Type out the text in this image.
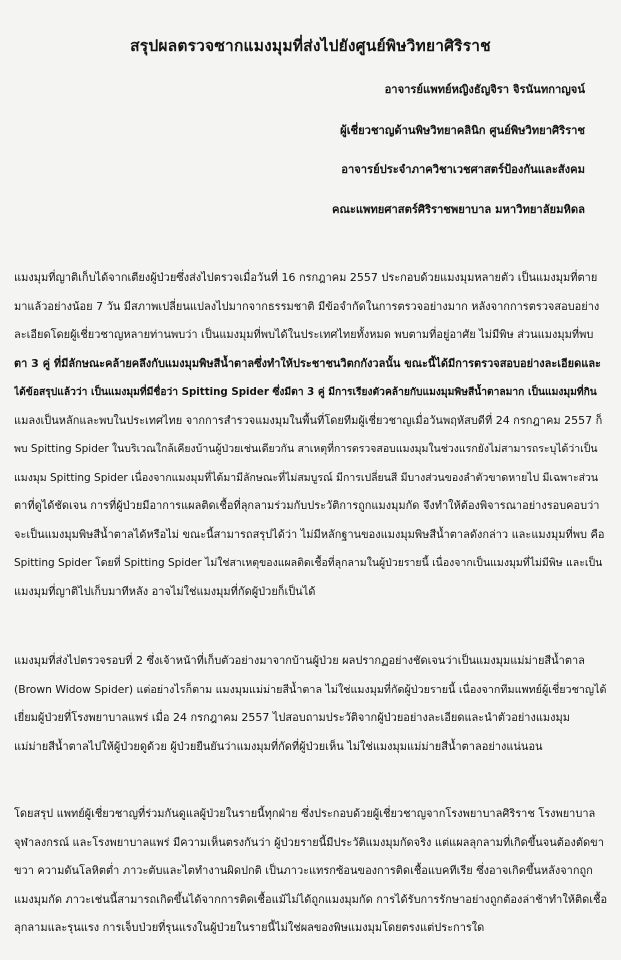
สรุปผลตรวจซากแมงมุมที่ส่งไปยังศูนย์พิษวิทยาศิริราช
อาจารย์แพทย์หญิงธัญจิรา จิรนันทกาญจน์
ผู้เชี่ยวชาญด้านพิษวิทยาคลินิก ศูนย์พิษวิทยาศิริราช
อาจารย์ประจำภาควิชาเวชศาสตร์ป้องกันและสังคม
คณะแพทยศาสตร์ศิริราชพยาบาล มหาวิทยาลัยมหิดล
แมงมุมที่ญาติเก็บได้จากเตียงผู้ป่วยซึ่งส่งไปตรวจเมื่อวันที่ 16 กรกฎาคม 2557 ประกอบด้วยแมงมุมหลายตัว เป็นแมงมุมที่ตาย
มาแล้วอย่างน้อย 7 วัน มีสภาพเปลี่ยนแปลงไปมากจากธรรมชาติ มีข้อจำกัดในการตรวจอย่างมาก หลังจากการตรวจสอบอย่าง
ละเอียดโดยผู้เชี่ยวชาญหลายท่านพบว่า เป็นแมงมุมที่พบได้ในประเทศไทยทั้งหมด พบตามที่อยู่อาศัย ไม่มีพิษ ส่วนแมงมุมที่พบ
ตา 3 คู่ ที่มีลักษณะคล้ายคลึงกับแมงมุมพิษสีน้ำตาลซึ่งทำให้ประชาชนวิตกกังวลนั้น ขณะนี้ได้มีการตรวจสอบอย่างละเอียดและ
ได้ข้อสรุปแล้วว่า เป็นแมงมุมที่มีชื่อว่า Spitting Spider ซึ่งมีตา 3 คู่ มีการเรียงตัวคล้ายกับแมงมุมพิษสีน้ำตาลมาก เป็นแมงมุมที่กิน
แมลงเป็นหลักและพบในประเทศไทย จากการสำรวจแมงมุมในพื้นที่โดยทีมผู้เชี่ยวชาญเมื่อวันพฤหัสบดีที่ 24 กรกฎาคม 2557 ก็
พบ Spitting Spider ในบริเวณใกล้เคียงบ้านผู้ป่วยเช่นเดียวกัน สาเหตุที่การตรวจสอบแมงมุมในช่วงแรกยังไม่สามารถระบุได้ว่าเป็น
แมงมุม Spitting Spider เนื่องจากแมงมุมที่ได้มามีลักษณะที่ไม่สมบูรณ์ มีการเปลี่ยนสี มีบางส่วนของลำตัวขาดหายไป มีเฉพาะส่วน
ตาที่ดูได้ชัดเจน การที่ผู้ป่วยมีอาการแผลติดเชื้อที่ลุกลามร่วมกับประวัติการถูกแมงมุมกัด จึงทำให้ต้องพิจารณาอย่างรอบคอบว่า
จะเป็นแมงมุมพิษสีน้ำตาลได้หรือไม่ ขณะนี้สามารถสรุปได้ว่า ไม่มีหลักฐานของแมงมุมพิษสีน้ำตาลดังกล่าว และแมงมุมที่พบ คือ
Spitting Spider โดยที่ Spitting Spider ไม่ใช่สาเหตุของแผลติดเชื้อที่ลุกลามในผู้ป่วยรายนี้ เนื่องจากเป็นแมงมุมที่ไม่มีพิษ และเป็น
แมงมุมที่ญาติไปเก็บมาทีหลัง อาจไม่ใช่แมงมุมที่กัดผู้ป่วยก็เป็นได้
แมงมุมที่ส่งไปตรวจรอบที่ 2 ซึ่งเจ้าหน้าที่เก็บตัวอย่างมาจากบ้านผู้ป่วย ผลปรากฏอย่างชัดเจนว่าเป็นแมงมุมแม่ม่ายสีน้ำตาล
(Brown Widow Spider) แต่อย่างไรก็ตาม แมงมุมแม่ม่ายสีน้ำตาล ไม่ใช่แมงมุมที่กัดผู้ป่วยรายนี้ เนื่องจากทีมแพทย์ผู้เชี่ยวชาญได้
เยี่ยมผู้ป่วยที่โรงพยาบาลแพร่ เมื่อ 24 กรกฎาคม 2557 ไปสอบถามประวัติจากผู้ป่วยอย่างละเอียดและนำตัวอย่างแมงมุม
แม่ม่ายสีน้ำตาลไปให้ผู้ป่วยดูด้วย ผู้ป่วยยืนยันว่าแมงมุมที่กัดที่ผู้ป่วยเห็น ไม่ใช่แมงมุมแม่ม่ายสีน้ำตาลอย่างแน่นอน
โดยสรุป แพทย์ผู้เชี่ยวชาญที่ร่วมกันดูแลผู้ป่วยในรายนี้ทุกฝ่าย ซึ่งประกอบด้วยผู้เชี่ยวชาญจากโรงพยาบาลศิริราช โรงพยาบาล
จุฬาลงกรณ์ และโรงพยาบาลแพร่ มีความเห็นตรงกันว่า ผู้ป่วยรายนี้มีประวัติแมงมุมกัดจริง แต่แผลลุกลามที่เกิดขึ้นจนต้องตัดขา
ขวา ความดันโลหิตต่ำ ภาวะตับและไตทำงานผิดปกติ เป็นภาวะแทรกซ้อนของการติดเชื้อแบคทีเรีย ซึ่งอาจเกิดขึ้นหลังจากถูก
แมงมุมกัด ภาวะเช่นนี้สามารถเกิดขึ้นได้จากการติดเชื้อแม้ไม่ได้ถูกแมงมุมกัด การได้รับการรักษาอย่างถูกต้องล่าช้าทำให้ติดเชื้อ
ลุกลามและรุนแรง การเจ็บป่วยที่รุนแรงในผู้ป่วยในรายนี้ไม่ใช่ผลของพิษแมงมุมโดยตรงแต่ประการใด
